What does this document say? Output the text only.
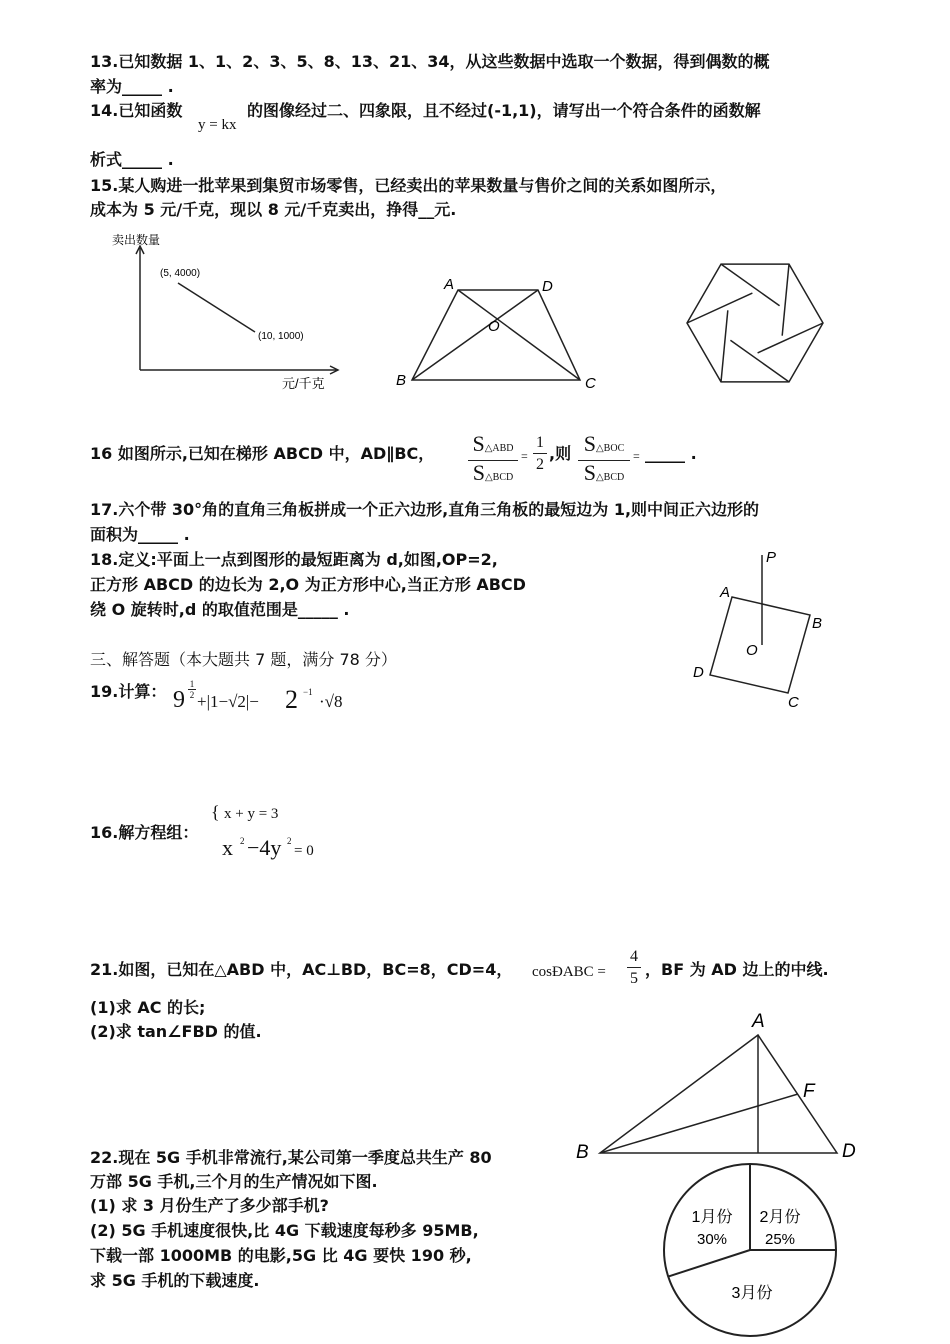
13.已知数据 1、1、2、3、5、8、13、21、34，从这些数据中选取一个数据，得到偶数的概
率为_____ .
14.已知函数
y = kx
的图像经过二、四象限，且不经过(-1,1)，请写出一个符合条件的函数解
析式_____ .
15.某人购进一批苹果到集贸市场零售，已经卖出的苹果数量与售价之间的关系如图所示，
成本为 5 元/千克，现以 8 元/千克卖出，挣得__元.
卖出数量
元/千克
(5, 4000)
(10, 1000)
A	D
O
B	C
16 如图所示,已知在梯形 ABCD 中，AD∥BC， S△ABD
S△BCD
=
1
2
,则 S△BOC
S△BCD
= _____ .
17.六个带 30°角的直角三角板拼成一个正六边形,直角三角板的最短边为 1,则中间正六边形的
面积为_____ .
18.定义:平面上一点到图形的最短距离为 d,如图,OP=2,
正方形 ABCD 的边长为 2,O 为正方形中心,当正方形 ABCD
绕 O 旋转时,d 的取值范围是_____ .
P
A
B
O
D
C
三、解答题（本大题共 7 题，满分 78 分）
19.计算： 9
1
2 +|1−√2|− 2 −1 ·√8
16.解方程组：
{ x + y = 3
x 2 −4y 2
= 0
21.如图，已知在△ABD 中，AC⊥BD，BC=8，CD=4， cosÐABC =
4
5 ，BF 为 AD 边上的中线.
(1)求 AC 的长;
(2)求 tan∠FBD 的值.	A
F
B	D
22.现在 5G 手机非常流行,某公司第一季度总共生产 80
万部 5G 手机,三个月的生产情况如下图.
(1) 求 3 月份生产了多少部手机?
(2) 5G 手机速度很快,比 4G 下载速度每秒多 95MB,
下载一部 1000MB 的电影,5G 比 4G 要快 190 秒,
求 5G 手机的下载速度.
1月份
30%
2月份
25%
3月份
